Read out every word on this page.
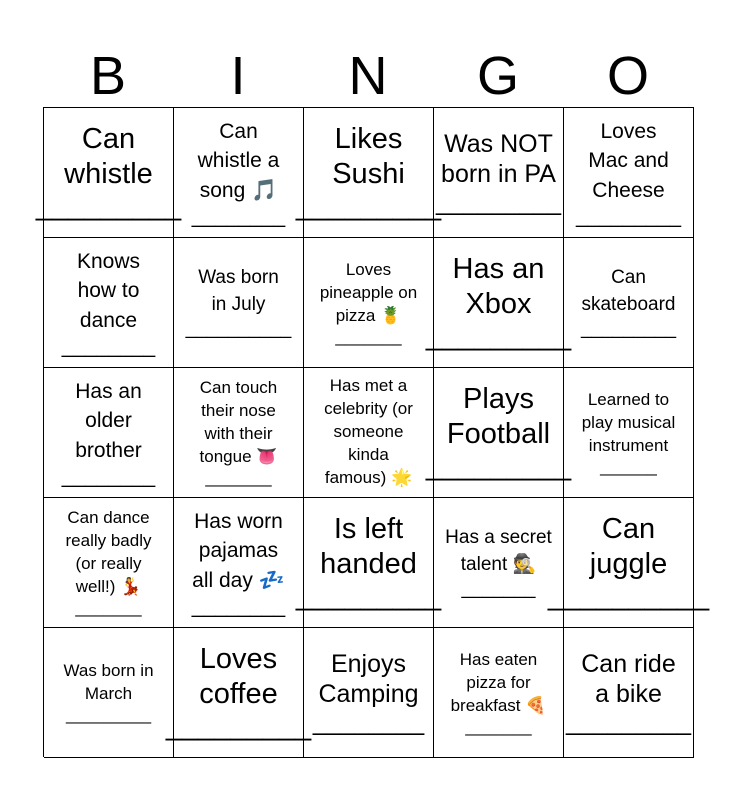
B	I	N	G	O
Can
whistle
_________
Can
whistle a
song 🎵
________
Likes
Sushi
_________
Was NOT
born in PA
_________
Loves
Mac and
Cheese
_________
Knows
how to
dance
________
Was born
in July
__________
Loves
pineapple on
pizza 🍍
_______
Has an
Xbox
_________
Can
skateboard
_________
Has an
older
brother
________
Can touch
their nose
with their
tongue 👅
_______
Has met a
celebrity (or
someone
kinda
famous) 🌟
Plays
Football
_________
Learned to
play musical
instrument
______
Can dance
really badly
(or really
well!) 💃
_______
Has worn
pajamas
all day 💤
________
Is left
handed
_________
Has a secret
talent 🕵️
_______
Can
juggle
__________
Was born in
March
_________
Loves
coffee
_________
Enjoys
Camping
________
Has eaten
pizza for
breakfast 🍕
_______
Can ride
a bike
_________
